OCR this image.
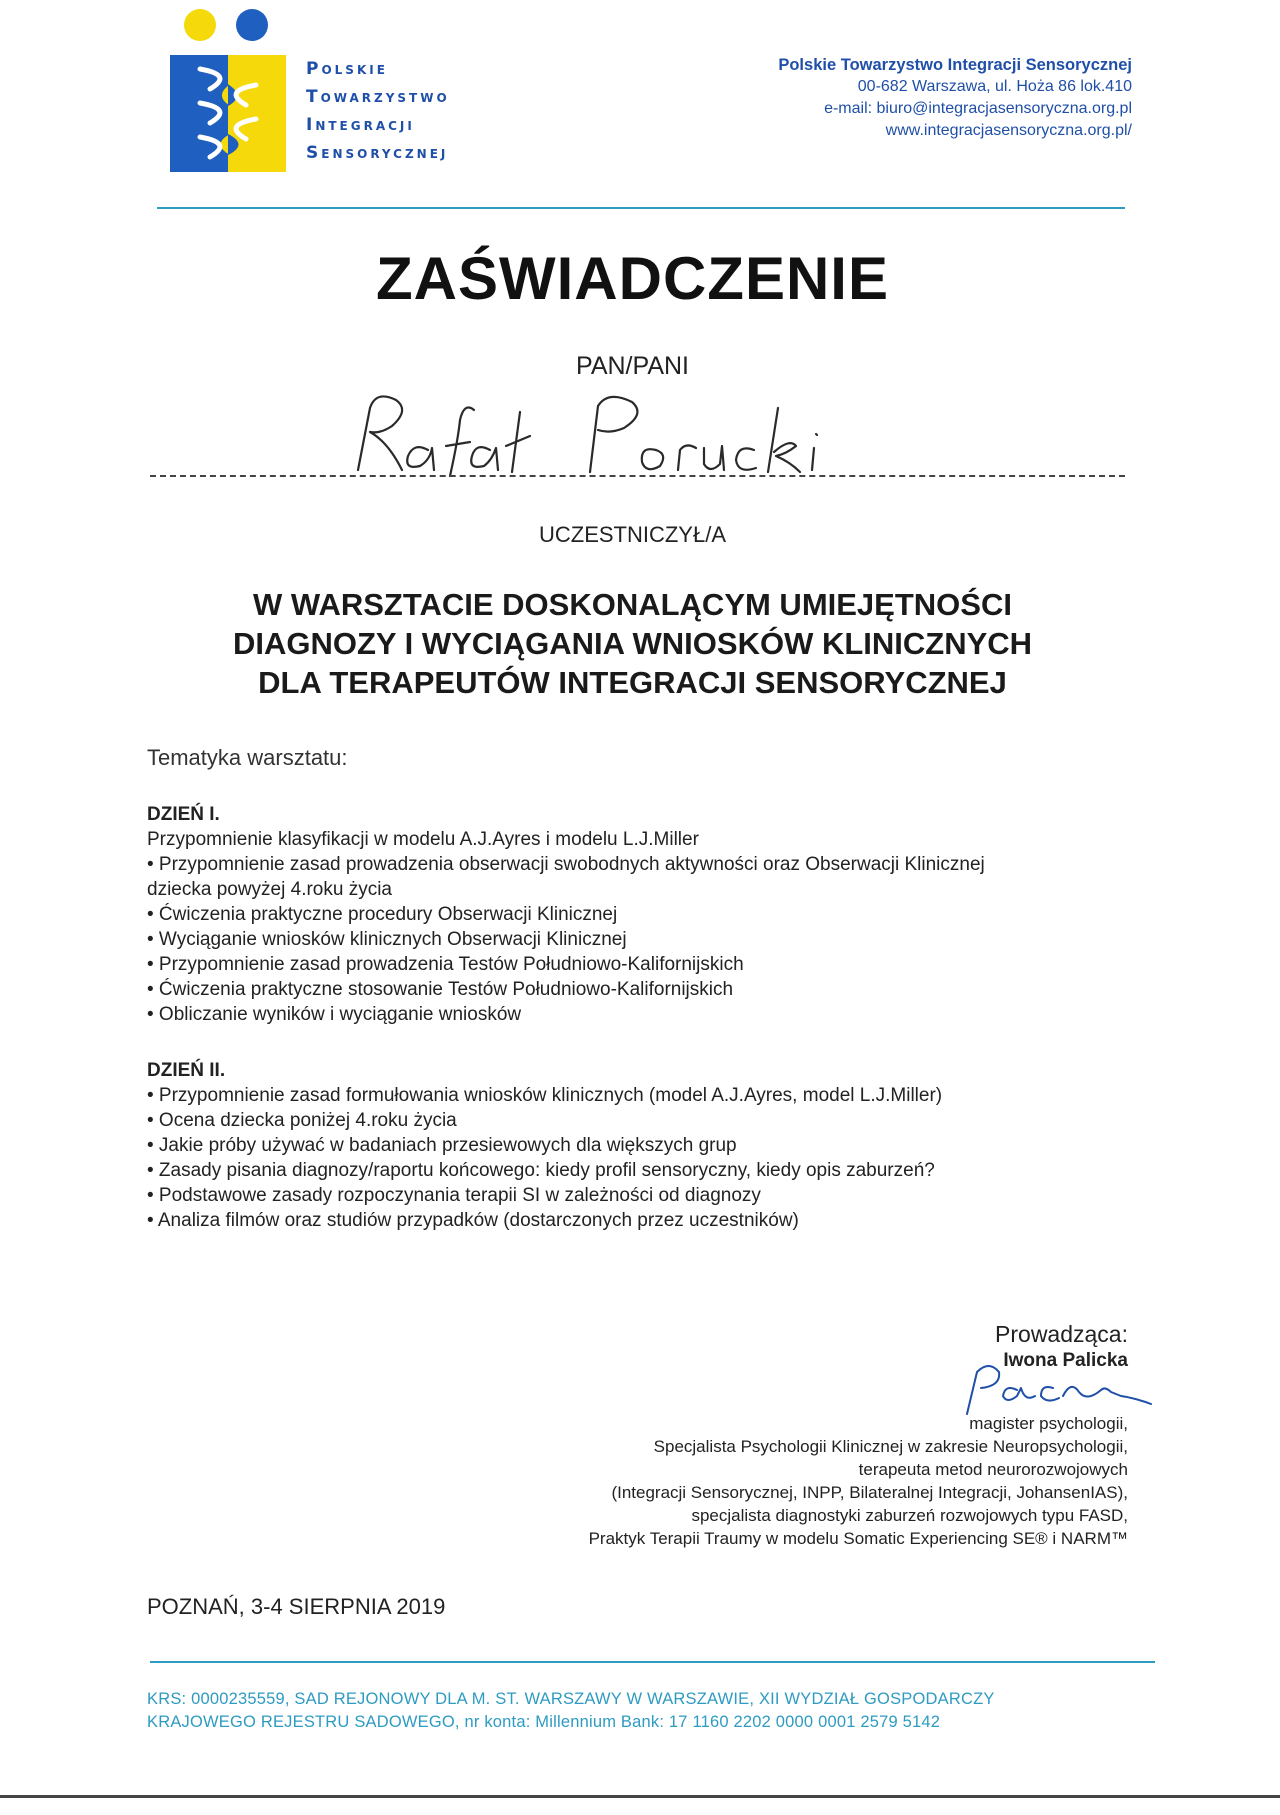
Polskie
Towarzystwo
Integracji
Sensorycznej
Polskie Towarzystwo Integracji Sensorycznej
00-682 Warszawa, ul. Hoża 86 lok.410
e-mail: biuro@integracjasensoryczna.org.pl
www.integracjasensoryczna.org.pl/
ZAŚWIADCZENIE
PAN/PANI
UCZESTNICZYŁ/A
W WARSZTACIE DOSKONALĄCYM UMIEJĘTNOŚCI
DIAGNOZY I WYCIĄGANIA WNIOSKÓW KLINICZNYCH
DLA TERAPEUTÓW INTEGRACJI SENSORYCZNEJ
Tematyka warsztatu:
DZIEŃ I.
Przypomnienie klasyfikacji w modelu A.J.Ayres i modelu L.J.Miller
• Przypomnienie zasad prowadzenia obserwacji swobodnych aktywności oraz Obserwacji Klinicznej
dziecka powyżej 4.roku życia
• Ćwiczenia praktyczne procedury Obserwacji Klinicznej
• Wyciąganie wniosków klinicznych Obserwacji Klinicznej
• Przypomnienie zasad prowadzenia Testów Południowo-Kalifornijskich
• Ćwiczenia praktyczne stosowanie Testów Południowo-Kalifornijskich
• Obliczanie wyników i wyciąganie wniosków
DZIEŃ II.
• Przypomnienie zasad formułowania wniosków klinicznych (model A.J.Ayres, model L.J.Miller)
• Ocena dziecka poniżej 4.roku życia
• Jakie próby używać w badaniach przesiewowych dla większych grup
• Zasady pisania diagnozy/raportu końcowego: kiedy profil sensoryczny, kiedy opis zaburzeń?
• Podstawowe zasady rozpoczynania terapii SI w zależności od diagnozy
• Analiza filmów oraz studiów przypadków (dostarczonych przez uczestników)
Prowadząca:
Iwona Palicka
magister psychologii,
Specjalista Psychologii Klinicznej w zakresie Neuropsychologii,
terapeuta metod neurorozwojowych
(Integracji Sensorycznej, INPP, Bilateralnej Integracji, JohansenIAS),
specjalista diagnostyki zaburzeń rozwojowych typu FASD,
Praktyk Terapii Traumy w modelu Somatic Experiencing SE® i NARM™
POZNAŃ, 3-4 SIERPNIA 2019
KRS: 0000235559, SAD REJONOWY DLA M. ST. WARSZAWY W WARSZAWIE, XII WYDZIAŁ GOSPODARCZY
KRAJOWEGO REJESTRU SADOWEGO, nr konta: Millennium Bank: 17 1160 2202 0000 0001 2579 5142
